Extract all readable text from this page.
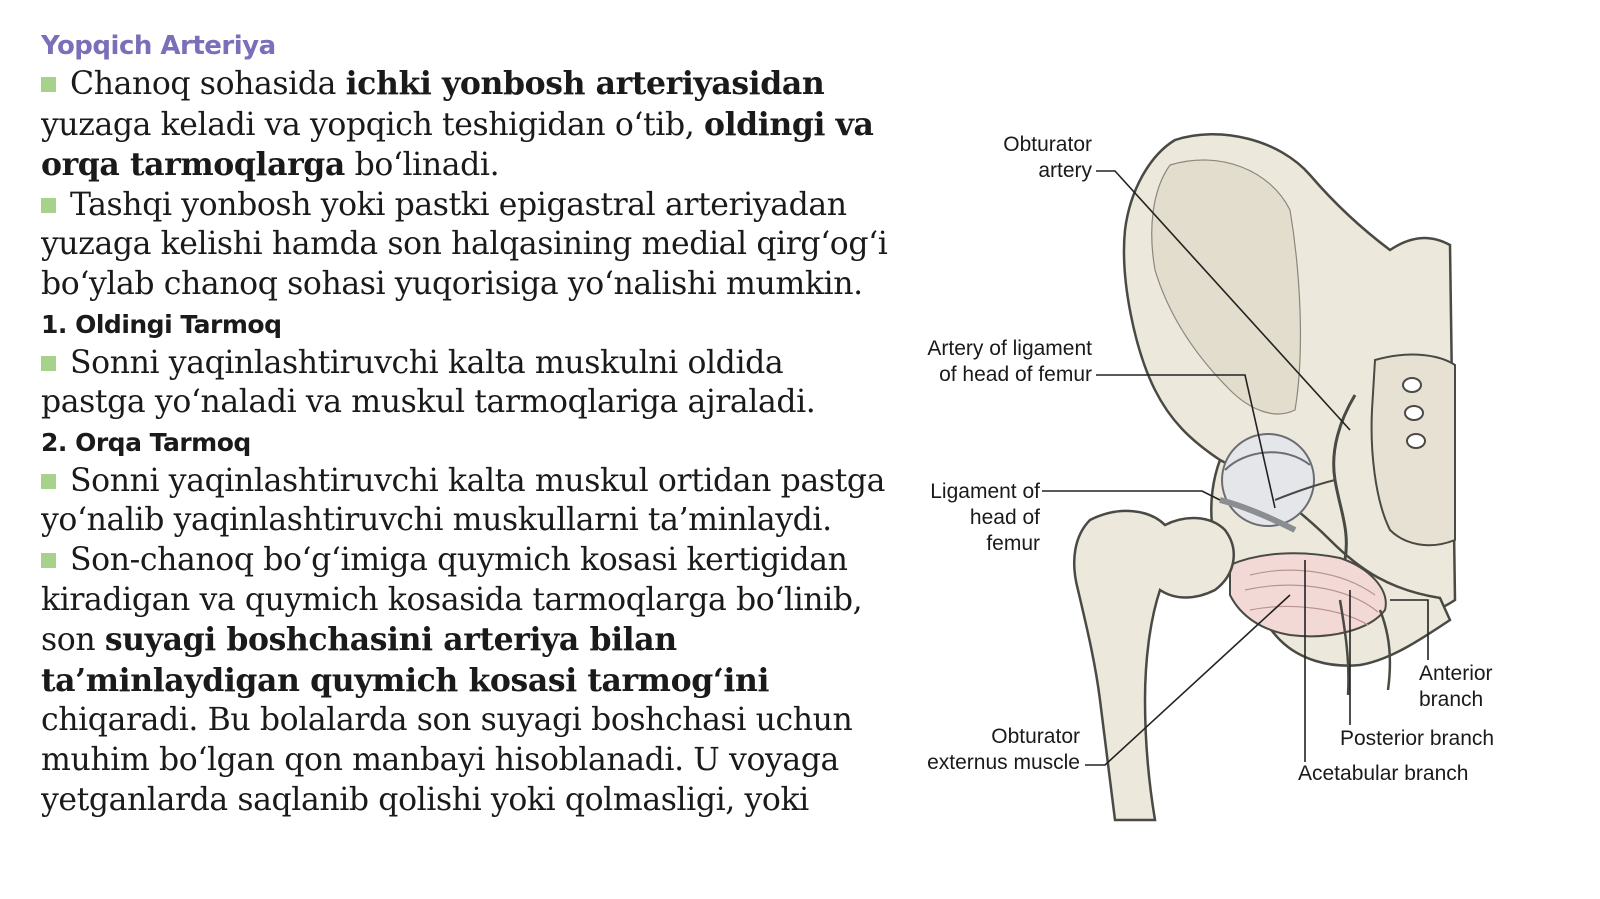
Yopqich Arteriya
Chanoq sohasida ichki yonbosh arteriyasidan yuzaga keladi va yopqich teshigidan o‘tib, oldingi va orqa tarmoqlarga bo‘linadi.
Tashqi yonbosh yoki pastki epigastral arteriyadan yuzaga kelishi hamda son halqasining medial qirg‘og‘i bo‘ylab chanoq sohasi yuqorisiga yo‘nalishi mumkin.
1. Oldingi Tarmoq
Sonni yaqinlashtiruvchi kalta muskulni oldida pastga yo‘naladi va muskul tarmoqlariga ajraladi.
2. Orqa Tarmoq
Sonni yaqinlashtiruvchi kalta muskul ortidan pastga yo‘nalib yaqinlashtiruvchi muskullarni ta’minlaydi.
Son-chanoq bo‘g‘imiga quymich kosasi kertigidan kiradigan va quymich kosasida tarmoqlarga bo‘linib, son suyagi boshchasini arteriya bilan ta’minlaydigan quymich kosasi tarmog‘ini chiqaradi. Bu bolalarda son suyagi boshchasi uchun muhim bo‘lgan qon manbayi hisoblanadi. U voyaga yetganlarda saqlanib qolishi yoki qolmasligi, yoki
Obturator
artery
Artery of ligament
of head of femur
Ligament of
head of
femur
Obturator
externus muscle
Anterior
branch
Posterior branch
Acetabular branch
